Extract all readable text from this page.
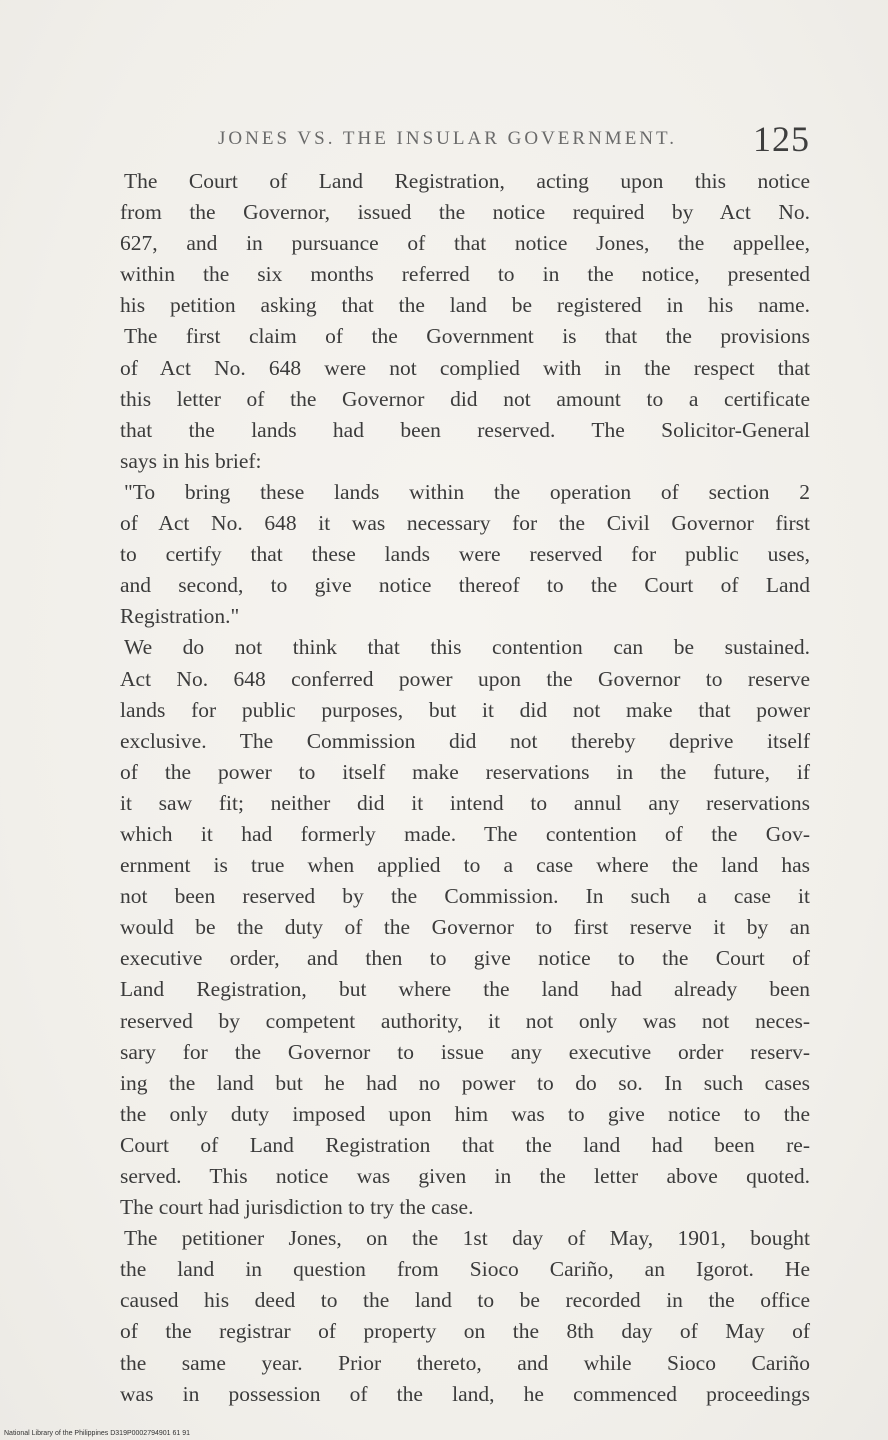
JONES VS. THE INSULAR GOVERNMENT. 125
The Court of Land Registration, acting upon this notice
from the Governor, issued the notice required by Act No.
627, and in pursuance of that notice Jones, the appellee,
within the six months referred to in the notice, presented
his petition asking that the land be registered in his name.
The first claim of the Government is that the provisions
of Act No. 648 were not complied with in the respect that
this letter of the Governor did not amount to a certificate
that the lands had been reserved. The Solicitor-General
says in his brief:
"To bring these lands within the operation of section 2
of Act No. 648 it was necessary for the Civil Governor first
to certify that these lands were reserved for public uses,
and second, to give notice thereof to the Court of Land
Registration."
We do not think that this contention can be sustained.
Act No. 648 conferred power upon the Governor to reserve
lands for public purposes, but it did not make that power
exclusive. The Commission did not thereby deprive itself
of the power to itself make reservations in the future, if
it saw fit; neither did it intend to annul any reservations
which it had formerly made. The contention of the Gov-
ernment is true when applied to a case where the land has
not been reserved by the Commission. In such a case it
would be the duty of the Governor to first reserve it by an
executive order, and then to give notice to the Court of
Land Registration, but where the land had already been
reserved by competent authority, it not only was not neces-
sary for the Governor to issue any executive order reserv-
ing the land but he had no power to do so. In such cases
the only duty imposed upon him was to give notice to the
Court of Land Registration that the land had been re-
served. This notice was given in the letter above quoted.
The court had jurisdiction to try the case.
The petitioner Jones, on the 1st day of May, 1901, bought
the land in question from Sioco Cariño, an Igorot. He
caused his deed to the land to be recorded in the office
of the registrar of property on the 8th day of May of
the same year. Prior thereto, and while Sioco Cariño
was in possession of the land, he commenced proceedings
National Library of the Philippines D319P0002794901 61 91
